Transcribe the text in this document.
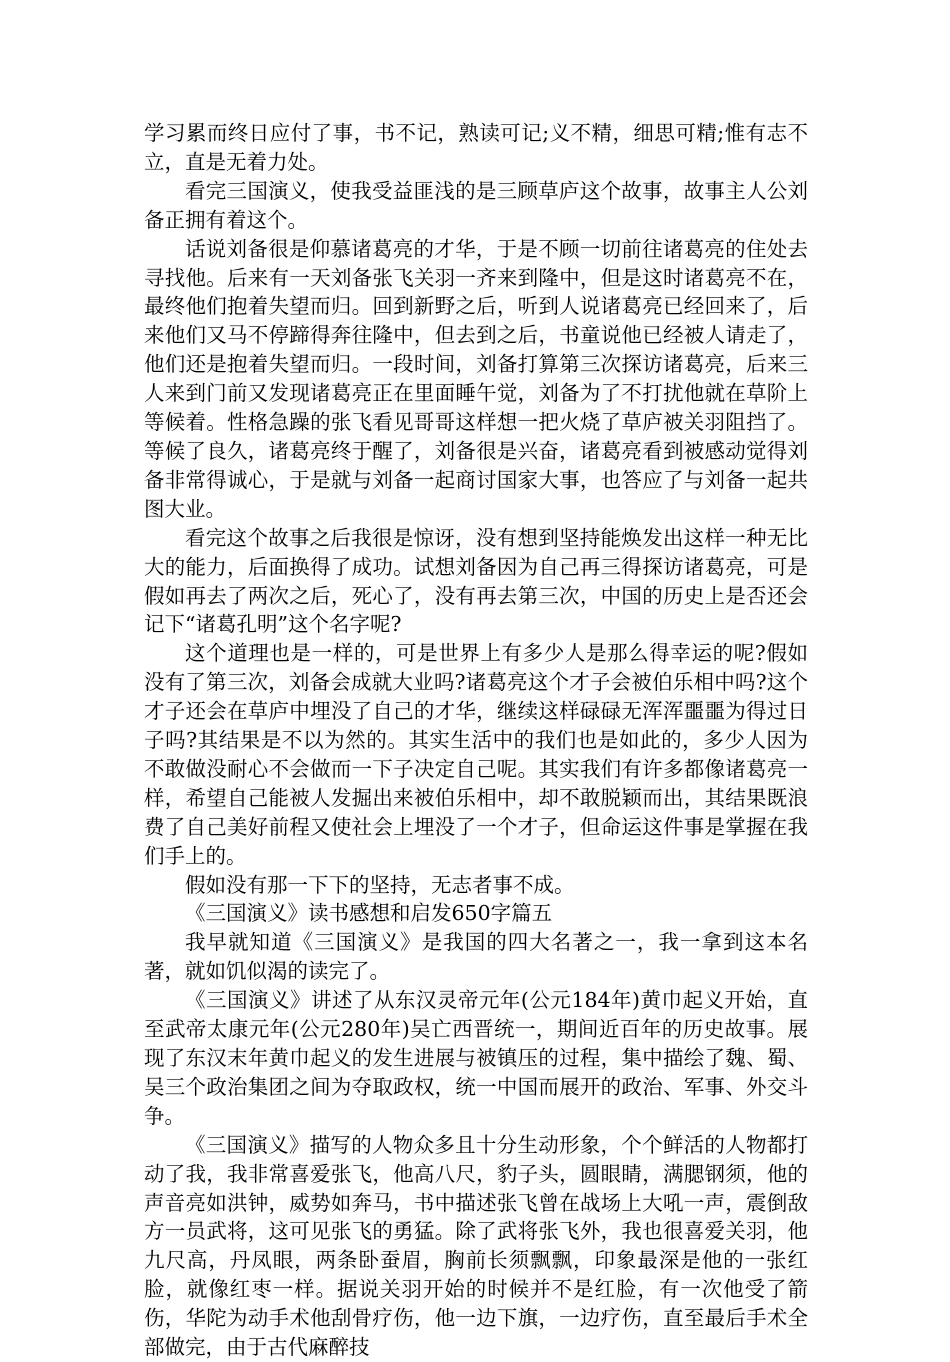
学习累而终日应付了事，书不记，熟读可记;义不精，细思可精;惟有志不立，直是无着力处。

看完三国演义，使我受益匪浅的是三顾草庐这个故事，故事主人公刘备正拥有着这个。

话说刘备很是仰慕诸葛亮的才华，于是不顾一切前往诸葛亮的住处去寻找他。后来有一天刘备张飞关羽一齐来到隆中，但是这时诸葛亮不在，最终他们抱着失望而归。回到新野之后，听到人说诸葛亮已经回来了，后来他们又马不停蹄得奔往隆中，但去到之后，书童说他已经被人请走了，他们还是抱着失望而归。一段时间，刘备打算第三次探访诸葛亮，后来三人来到门前又发现诸葛亮正在里面睡午觉，刘备为了不打扰他就在草阶上等候着。性格急躁的张飞看见哥哥这样想一把火烧了草庐被关羽阻挡了。等候了良久，诸葛亮终于醒了，刘备很是兴奋，诸葛亮看到被感动觉得刘备非常得诚心，于是就与刘备一起商讨国家大事，也答应了与刘备一起共图大业。

看完这个故事之后我很是惊讶，没有想到坚持能焕发出这样一种无比大的能力，后面换得了成功。试想刘备因为自己再三得探访诸葛亮，可是假如再去了两次之后，死心了，没有再去第三次，中国的历史上是否还会记下“诸葛孔明”这个名字呢?

这个道理也是一样的，可是世界上有多少人是那么得幸运的呢?假如没有了第三次，刘备会成就大业吗?诸葛亮这个才子会被伯乐相中吗?这个才子还会在草庐中埋没了自己的才华，继续这样碌碌无浑浑噩噩为得过日子吗?其结果是不以为然的。其实生活中的我们也是如此的，多少人因为不敢做没耐心不会做而一下子决定自己呢。其实我们有许多都像诸葛亮一样，希望自己能被人发掘出来被伯乐相中，却不敢脱颖而出，其结果既浪费了自己美好前程又使社会上埋没了一个才子，但命运这件事是掌握在我们手上的。

假如没有那一下下的坚持，无志者事不成。

《三国演义》读书感想和启发650字篇五

我早就知道《三国演义》是我国的四大名著之一，我一拿到这本名著，就如饥似渴的读完了。

《三国演义》讲述了从东汉灵帝元年(公元184年)黄巾起义开始，直至武帝太康元年(公元280年)吴亡西晋统一，期间近百年的历史故事。展现了东汉末年黄巾起义的发生进展与被镇压的过程，集中描绘了魏、蜀、吴三个政治集团之间为夺取政权，统一中国而展开的政治、军事、外交斗争。

《三国演义》描写的人物众多且十分生动形象，个个鲜活的人物都打动了我，我非常喜爱张飞，他高八尺，豹子头，圆眼睛，满腮钢须，他的声音亮如洪钟，威势如奔马，书中描述张飞曾在战场上大吼一声，震倒敌方一员武将，这可见张飞的勇猛。除了武将张飞外，我也很喜爱关羽，他九尺高，丹凤眼，两条卧蚕眉，胸前长须飘飘，印象最深是他的一张红脸，就像红枣一样。据说关羽开始的时候并不是红脸，有一次他受了箭伤，华陀为动手术他刮骨疗伤，他一边下旗，一边疗伤，直至最后手术全部做完，由于古代麻醉技
